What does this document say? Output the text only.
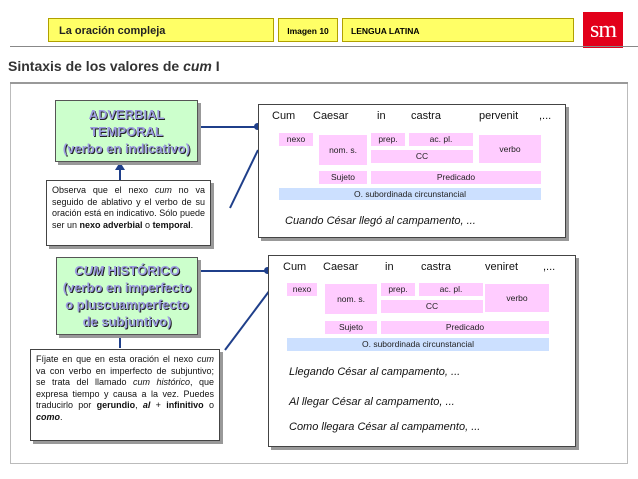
La oración compleja	Imagen 10	LENGUA LATINA	sm
Sintaxis de los valores de cum I
ADVERBIAL
TEMPORAL
(verbo en indicativo)
Observa que el nexo cum no va seguido de ablativo y el verbo de su oración está en indicativo. Sólo puede ser un nexo adverbial o temporal.
Cum Caesar	in castra	pervenit ,...
nexo
nom. s.
prep.	ac. pl.
CC
verbo
Sujeto	Predicado
O. subordinada circunstancial
Cuando César llegó al campamento, ...
CUM HISTÓRICO
(verbo en imperfecto
o pluscuamperfecto
de subjuntivo)
Fíjate en que en esta oración el nexo cum va con verbo en imperfecto de subjuntivo; se trata del llamado cum histórico, que expresa tiempo y causa a la vez. Puedes traducirlo por gerundio, al + infinitivo o como.
Cum Caesar in castra	veniret ,...
nexo
nom. s.
prep.	ac. pl.
CC
verbo
Sujeto	Predicado
O. subordinada circunstancial
Llegando César al campamento, ...
Al llegar César al campamento, ...
Como llegara César al campamento, ...
